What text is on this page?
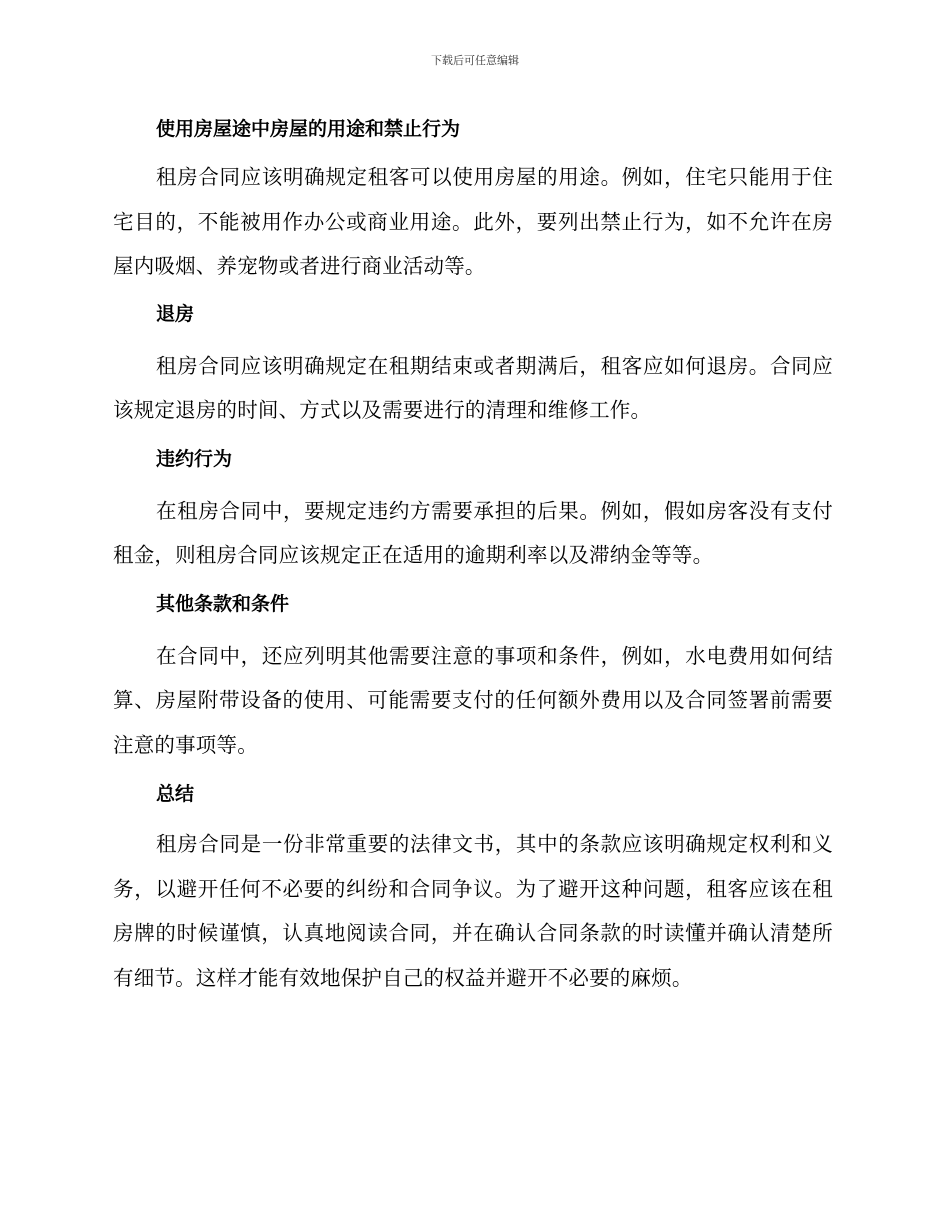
下载后可任意编辑
使用房屋途中房屋的用途和禁止行为

租房合同应该明确规定租客可以使用房屋的用途。例如，住宅只能用于住宅目的，不能被用作办公或商业用途。此外，要列出禁止行为，如不允许在房屋内吸烟、养宠物或者进行商业活动等。

退房

租房合同应该明确规定在租期结束或者期满后，租客应如何退房。合同应该规定退房的时间、方式以及需要进行的清理和维修工作。

违约行为

在租房合同中，要规定违约方需要承担的后果。例如，假如房客没有支付租金，则租房合同应该规定正在适用的逾期利率以及滞纳金等等。

其他条款和条件

在合同中，还应列明其他需要注意的事项和条件，例如，水电费用如何结算、房屋附带设备的使用、可能需要支付的任何额外费用以及合同签署前需要注意的事项等。

总结

租房合同是一份非常重要的法律文书，其中的条款应该明确规定权利和义务，以避开任何不必要的纠纷和合同争议。为了避开这种问题，租客应该在租房牌的时候谨慎，认真地阅读合同，并在确认合同条款的时读懂并确认清楚所有细节。这样才能有效地保护自己的权益并避开不必要的麻烦。
